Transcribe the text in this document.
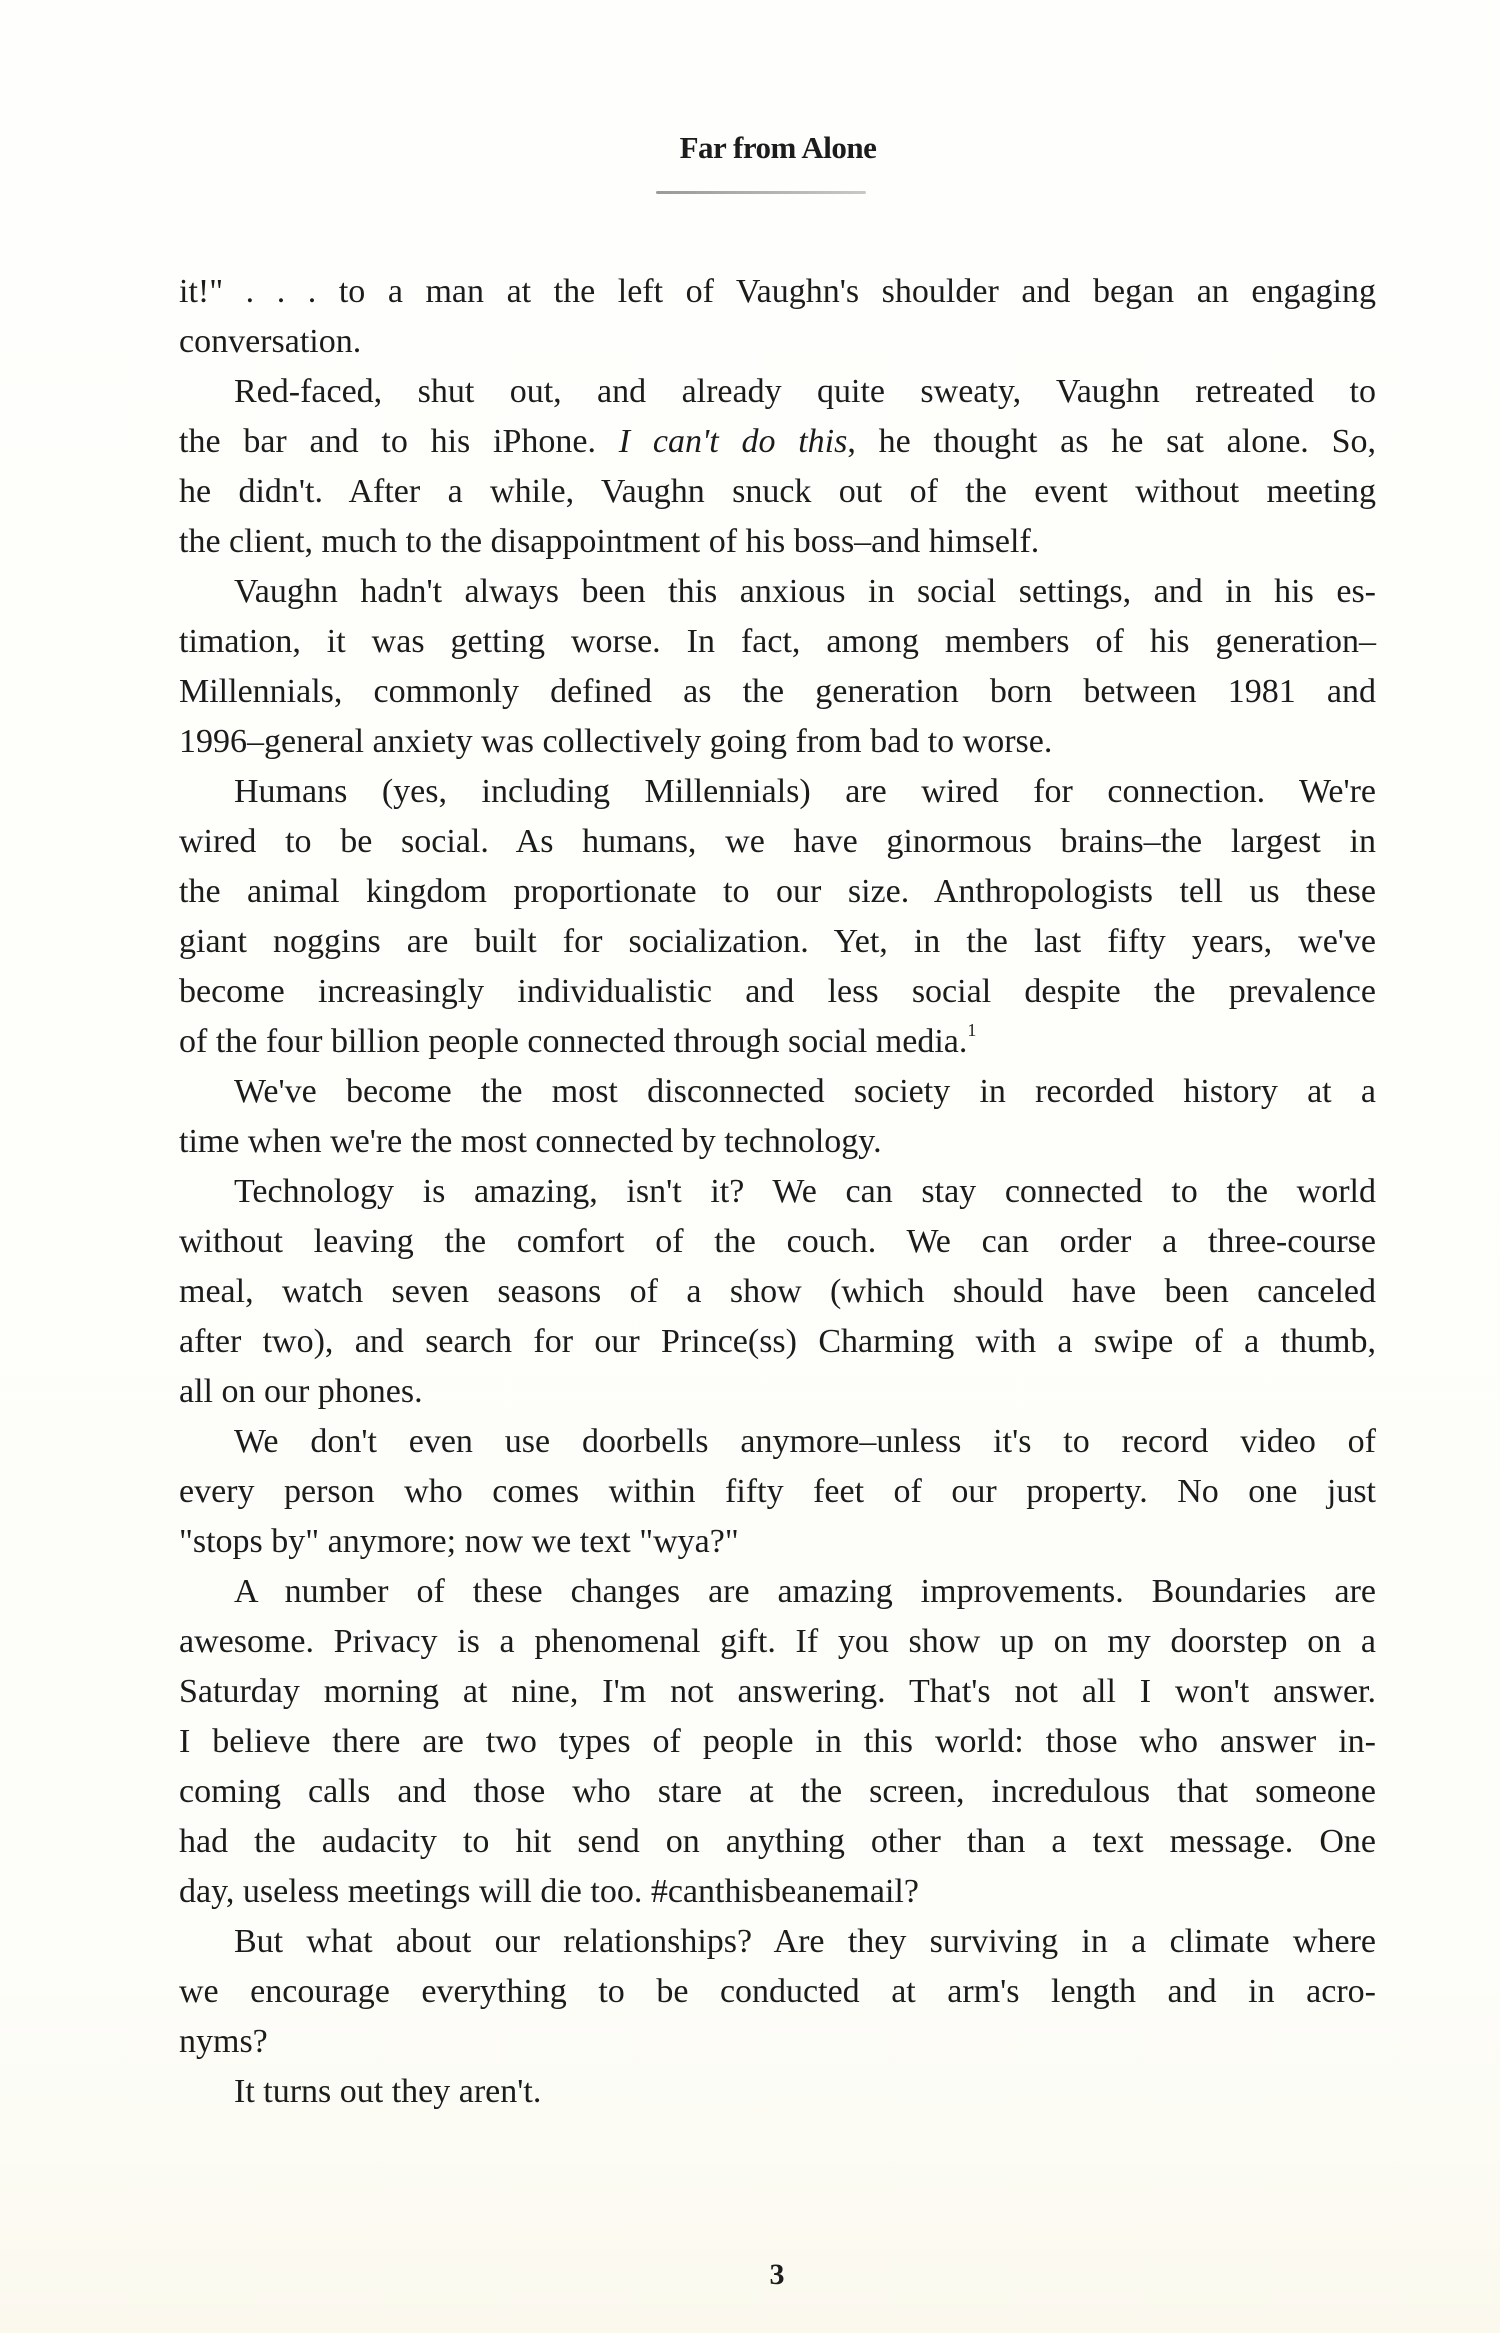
Far from Alone
it!" . . . to a man at the left of Vaughn's shoulder and began an engaging
conversation.
Red-faced, shut out, and already quite sweaty, Vaughn retreated to
the bar and to his iPhone. I can't do this, he thought as he sat alone. So,
he didn't. After a while, Vaughn snuck out of the event without meeting
the client, much to the disappointment of his boss–and himself.
Vaughn hadn't always been this anxious in social settings, and in his es-
timation, it was getting worse. In fact, among members of his generation–
Millennials, commonly defined as the generation born between 1981 and
1996–general anxiety was collectively going from bad to worse.
Humans (yes, including Millennials) are wired for connection. We're
wired to be social. As humans, we have ginormous brains–the largest in
the animal kingdom proportionate to our size. Anthropologists tell us these
giant noggins are built for socialization. Yet, in the last fifty years, we've
become increasingly individualistic and less social despite the prevalence
of the four billion people connected through social media.$^1$
We've become the most disconnected society in recorded history at a
time when we're the most connected by technology.
Technology is amazing, isn't it? We can stay connected to the world
without leaving the comfort of the couch. We can order a three-course
meal, watch seven seasons of a show (which should have been canceled
after two), and search for our Prince(ss) Charming with a swipe of a thumb,
all on our phones.
We don't even use doorbells anymore–unless it's to record video of
every person who comes within fifty feet of our property. No one just
"stops by" anymore; now we text "wya?"
A number of these changes are amazing improvements. Boundaries are
awesome. Privacy is a phenomenal gift. If you show up on my doorstep on a
Saturday morning at nine, I'm not answering. That's not all I won't answer.
I believe there are two types of people in this world: those who answer in-
coming calls and those who stare at the screen, incredulous that someone
had the audacity to hit send on anything other than a text message. One
day, useless meetings will die too. #canthisbeanemail?
But what about our relationships? Are they surviving in a climate where
we encourage everything to be conducted at arm's length and in acro-
nyms?
It turns out they aren't.
3
